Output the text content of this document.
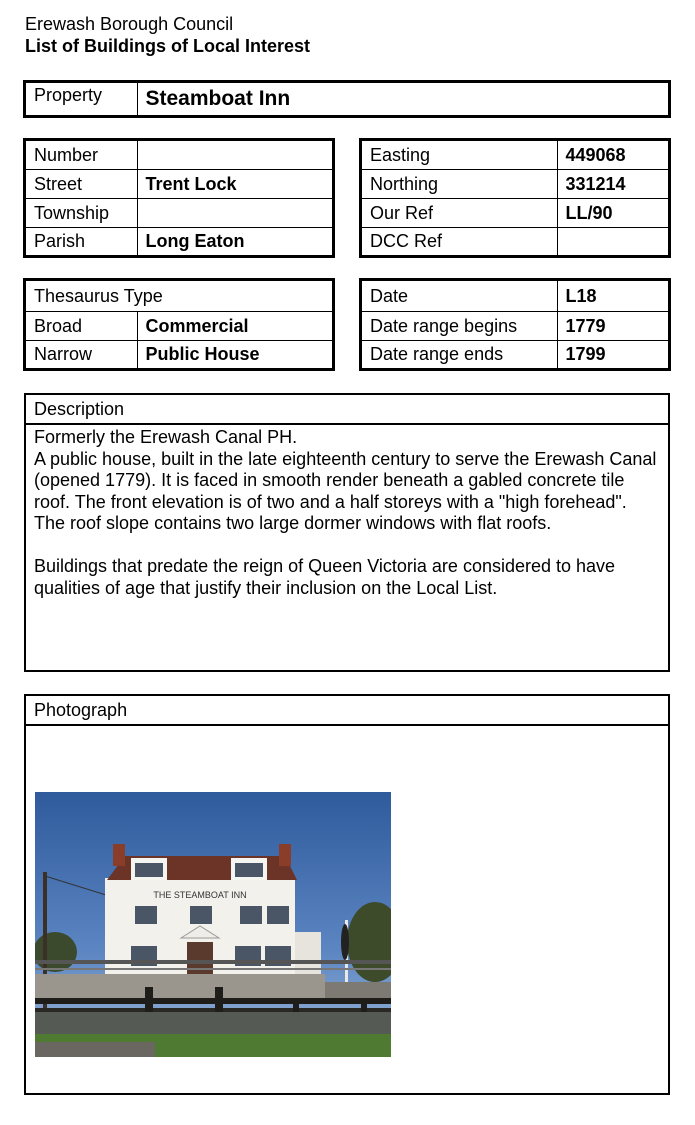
Erewash Borough Council
List of Buildings of Local Interest
Property	Steamboat Inn
Number	
Street	Trent Lock
Township	
Parish	Long Eaton
Easting	449068
Northing	331214
Our Ref	LL/90
DCC Ref	
Thesaurus Type	
Broad	Commercial
Narrow	Public House
Date	L18
Date range begins	1779
Date range ends	1799
Description

Formerly the Erewash Canal PH.

A public house, built in the late eighteenth century to serve the Erewash Canal (opened 1779). It is faced in smooth render beneath a gabled concrete tile roof. The front elevation is of two and a half storeys with a "high forehead". The roof slope contains two large dormer windows with flat roofs.

Buildings that predate the reign of Queen Victoria are considered to have qualities of age that justify their inclusion on the Local List.

Photograph
THE STEAMBOAT INN
